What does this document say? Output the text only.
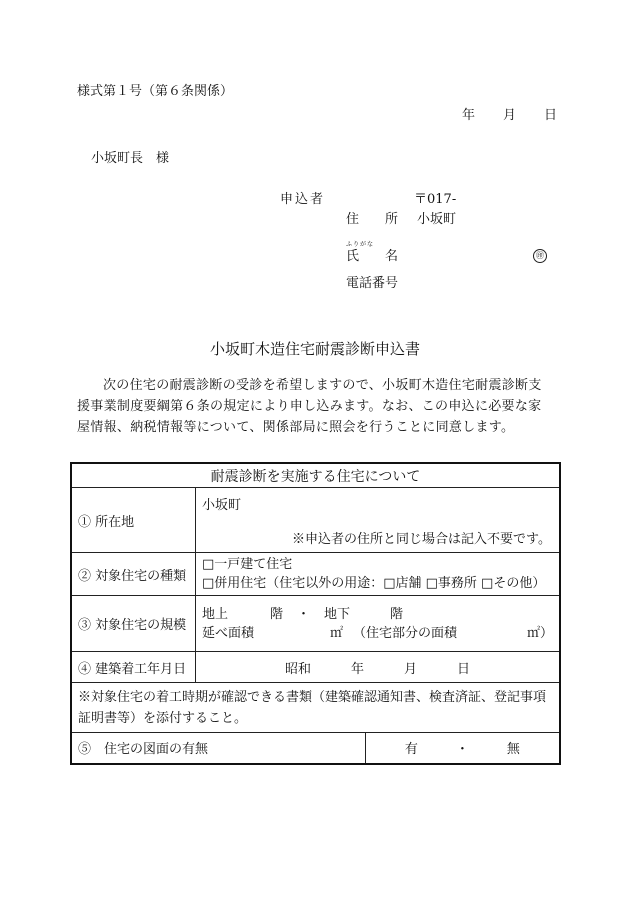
様式第１号（第６条関係）
年 月 日
小坂町長　様
申込者	〒017-
住　　所 小坂町
ふりがな
氏　　名	㊞
電話番号
小坂町木造住宅耐震診断申込書
次の住宅の耐震診断の受診を希望しますので、小坂町木造住宅耐震診断支援事業制度要綱第６条の規定により申し込みます。なお、この申込に必要な家屋情報、納税情報等について、関係部局に照会を行うことに同意します。
耐震診断を実施する住宅について		
① 所在地	小坂町
※申込者の住所と同じ場合は記入不要です。	

② 対象住宅の種類	□一戸建て住宅
□併用住宅（住宅以外の用途：□店舗 □事務所 □その他）	

③ 対象住宅の規模	地上 階 ・ 地下 階
延べ面積 ㎡ （住宅部分の面積 ㎡）	

④ 建築着工年月日	昭和 年 月 日	
※対象住宅の着工時期が確認できる書類（建築確認通知書、検査済証、登記事項証明書等）を添付すること。		
⑤　住宅の図面の有無		有 ・ 無
